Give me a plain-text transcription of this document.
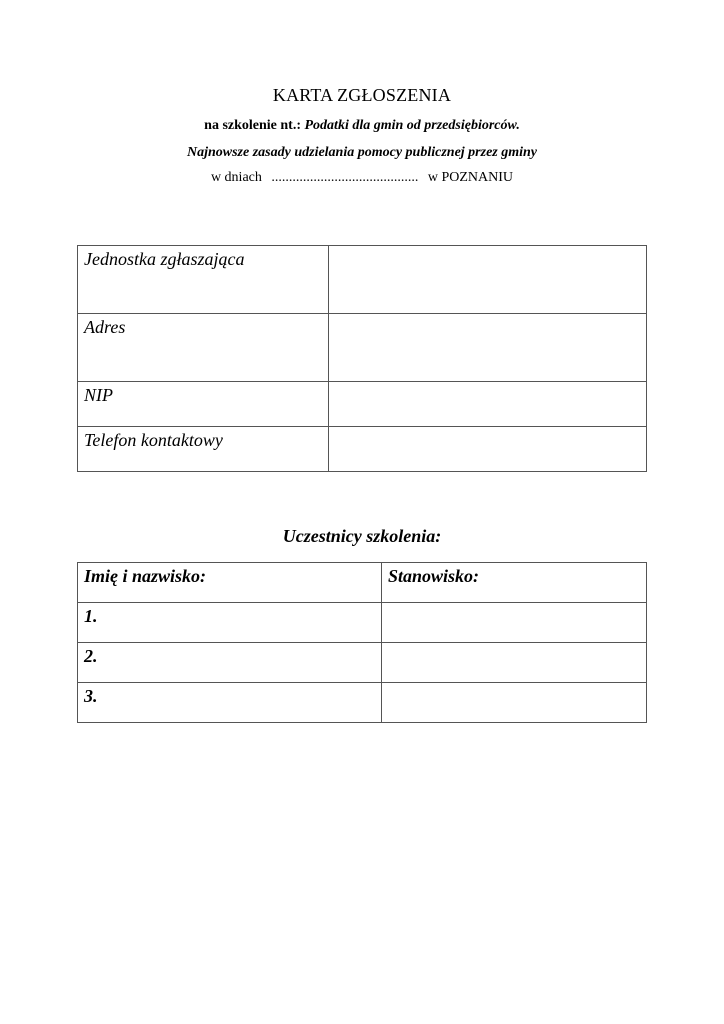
KARTA ZGŁOSZENIA
na szkolenie nt.: Podatki dla gmin od przedsiębiorców.
Najnowsze zasady udzielania pomocy publicznej przez gminy
w dniach .......................................... w POZNANIU
Jednostka zgłaszająca	
Adres	
NIP	
Telefon kontaktowy	
Uczestnicy szkolenia:
Imię i nazwisko:	Stanowisko:
1.	
2.	
3.	
